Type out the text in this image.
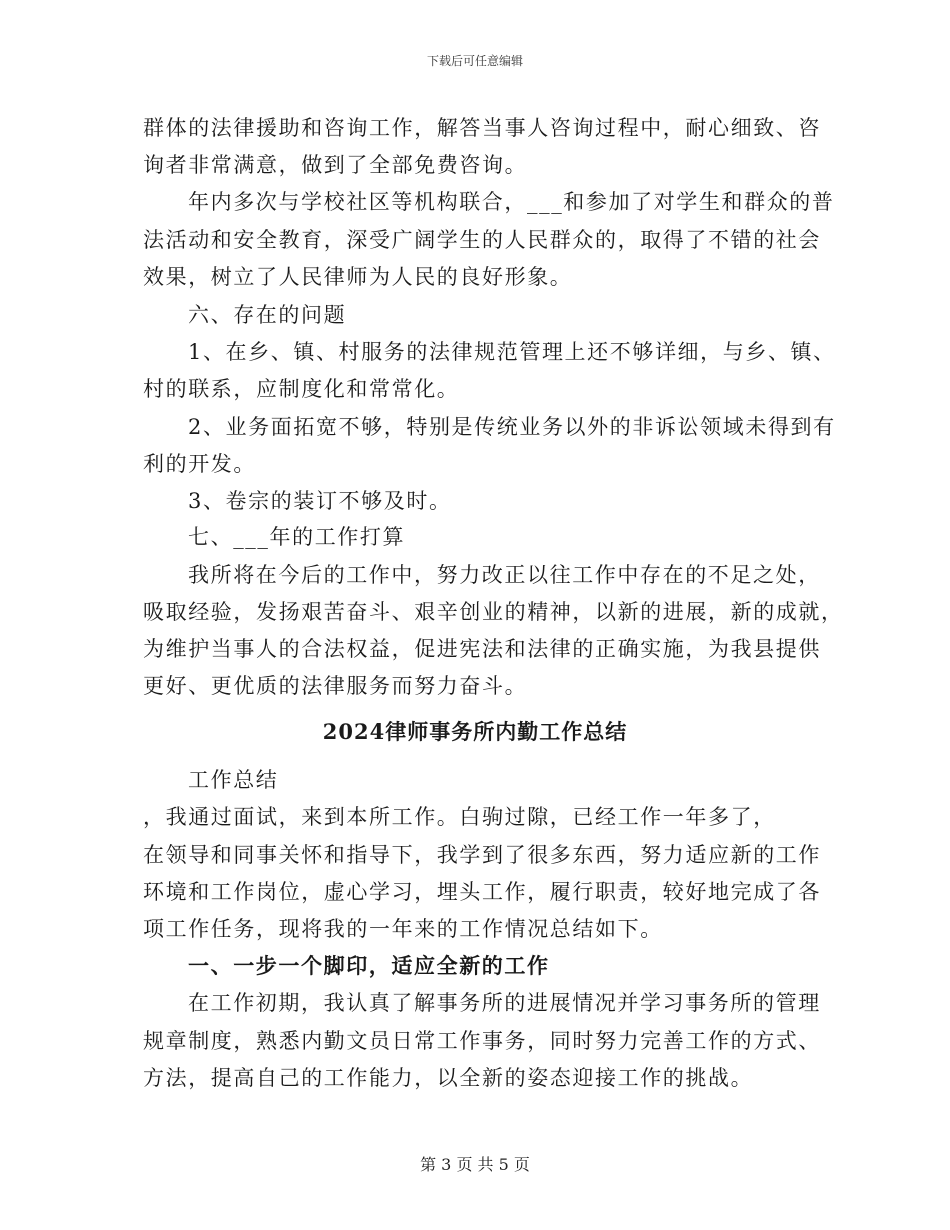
下载后可任意编辑
群体的法律援助和咨询工作，解答当事人咨询过程中，耐心细致、咨
询者非常满意，做到了全部免费咨询。
年内多次与学校社区等机构联合，___和参加了对学生和群众的普
法活动和安全教育，深受广阔学生的人民群众的，取得了不错的社会
效果，树立了人民律师为人民的良好形象。
六、存在的问题
1、在乡、镇、村服务的法律规范管理上还不够详细，与乡、镇、
村的联系，应制度化和常常化。
2、业务面拓宽不够，特别是传统业务以外的非诉讼领域未得到有
利的开发。
3、卷宗的装订不够及时。
七、___年的工作打算
我所将在今后的工作中，努力改正以往工作中存在的不足之处，
吸取经验，发扬艰苦奋斗、艰辛创业的精神，以新的进展，新的成就，
为维护当事人的合法权益，促进宪法和法律的正确实施，为我县提供
更好、更优质的法律服务而努力奋斗。
2024律师事务所内勤工作总结
工作总结
，我通过面试，来到本所工作。白驹过隙，已经工作一年多了，
在领导和同事关怀和指导下，我学到了很多东西，努力适应新的工作
环境和工作岗位，虚心学习，埋头工作，履行职责，较好地完成了各
项工作任务，现将我的一年来的工作情况总结如下。
一、一步一个脚印，适应全新的工作
在工作初期，我认真了解事务所的进展情况并学习事务所的管理
规章制度，熟悉内勤文员日常工作事务，同时努力完善工作的方式、
方法，提高自己的工作能力，以全新的姿态迎接工作的挑战。
第 3 页 共 5 页
